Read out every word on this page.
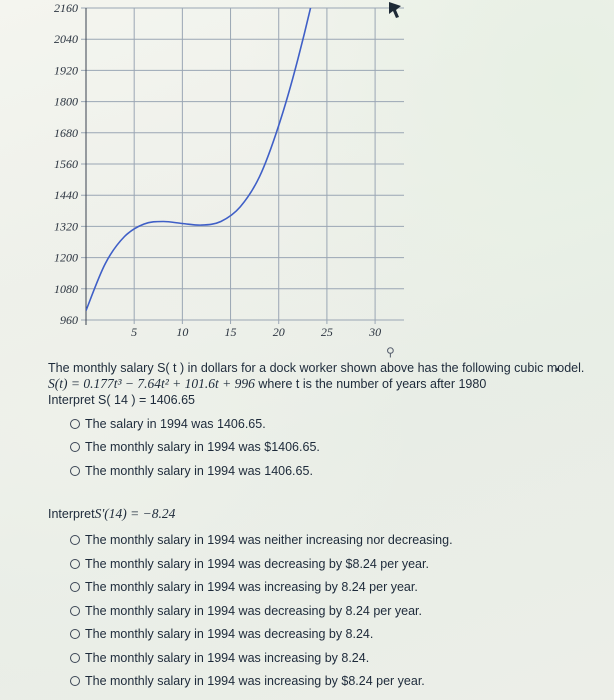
2160
2040
1920
1800
1680
1560
1440
1320
1200
1080
960
5	10	15	20	25	30
⚲

The monthly salary S( t ) in dollars for a dock worker shown above has the following cubic model.

S(t) = 0.177t³ − 7.64t² + 101.6t + 996 where t is the number of years after 1980

Interpret S( 14 ) = 1406.65

The salary in 1994 was 1406.65.
The monthly salary in 1994 was $1406.65.
The monthly salary in 1994 was 1406.65.
Interpret S′(14) = −8.24
The monthly salary in 1994 was neither increasing nor decreasing.
The monthly salary in 1994 was decreasing by $8.24 per year.
The monthly salary in 1994 was increasing by 8.24 per year.
The monthly salary in 1994 was decreasing by 8.24 per year.
The monthly salary in 1994 was decreasing by 8.24.
The monthly salary in 1994 was increasing by 8.24.
The monthly salary in 1994 was increasing by $8.24 per year.
